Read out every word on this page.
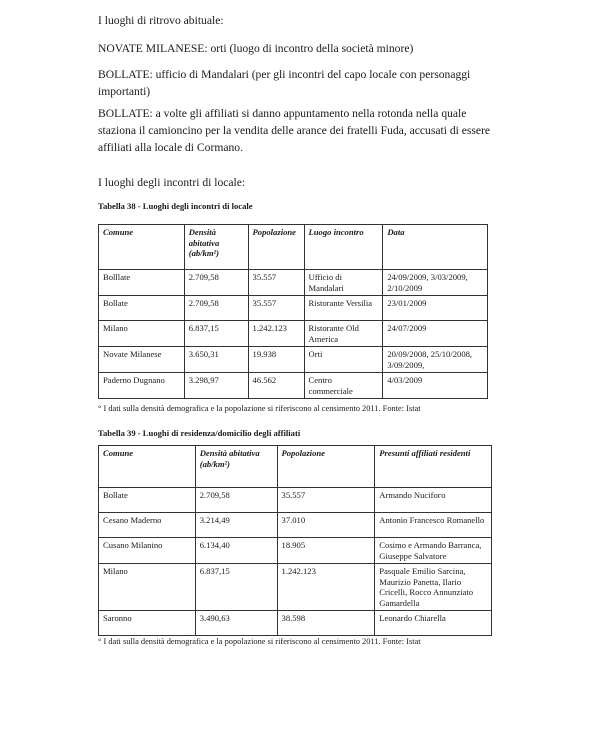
I luoghi di ritrovo abituale:

NOVATE MILANESE: orti (luogo di incontro della società minore)

BOLLATE: ufficio di Mandalari (per gli incontri del capo locale con personaggi importanti)

BOLLATE: a volte gli affiliati si danno appuntamento nella rotonda nella quale staziona il camioncino per la vendita delle arance dei fratelli Fuda, accusati di essere affiliati alla locale di Cormano.

I luoghi degli incontri di locale:

Tabella 38 - Luoghi degli incontri di locale

Comune	Densità abitativa (ab/km²)	Popolazione	Luogo incontro	Data
Bolllate	2.709,58	35.557	Ufficio di Mandalari	24/09/2009, 3/03/2009, 2/10/2009
Bollate	2.709,58	35.557	Ristorante Versilia	23/01/2009
Milano	6.837,15	1.242.123	Ristorante Old America	24/07/2009
Novate Milanese	3.650,31	19.938	Orti	20/09/2008, 25/10/2008, 3/09/2009,
Paderno Dugnano	3.298,97	46.562	Centro commerciale	4/03/2009

° I dati sulla densità demografica e la popolazione si riferiscono al censimento 2011. Fonte: Istat

Tabella 39 - Luoghi di residenza/domicilio degli affiliati

Comune	Densità abitativa (ab/km²)	Popolazione	Presunti affiliati residenti
Bollate	2.709,58	35.557	Armando Nucifoгo
Cesano Maderno	3.214,49	37.010	Antonio Francesco Romanello
Cusano Milanino	6.134,40	18.905	Cosimo e Armando Barranca, Giuseppe Salvatore
Milano	6.837,15	1.242.123	Pasquale Emilio Sarcina, Maurizio Panetta, Ilario Cricelli, Rocco Annunziato Gamardella
Saronno	3.490,63	38.598	Leonardo Chiarella

° I dati sulla densità demografica e la popolazione si riferiscono al censimento 2011. Fonte: Istat
